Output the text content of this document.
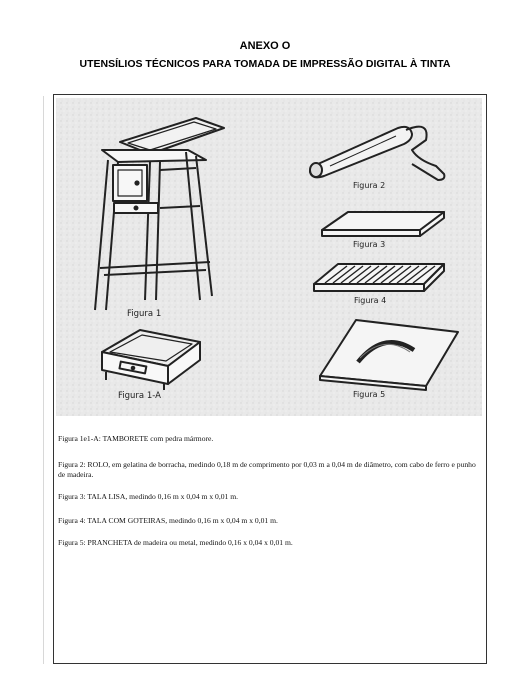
ANEXO O
UTENSÍLIOS TÉCNICOS PARA TOMADA DE IMPRESSÃO DIGITAL À TINTA
Figura 1
Figura 1-A
Figura 2
Figura 3
Figura 4
Figura 5
Figura 1e1-A: TAMBORETE com pedra mármore.
Figura 2: ROLO, em gelatina de borracha, medindo 0,18 m de comprimento por 0,03 m a 0,04 m de diâmetro, com cabo de ferro e punho de madeira.
Figura 3: TALA LISA, medindo 0,16 m x 0,04 m x 0,01 m.
Figura 4: TALA COM GOTEIRAS, medindo 0,16 m x 0,04 m x 0,01 m.
Figura 5: PRANCHETA de madeira ou metal, medindo 0,16 x 0,04 x 0,01 m.
